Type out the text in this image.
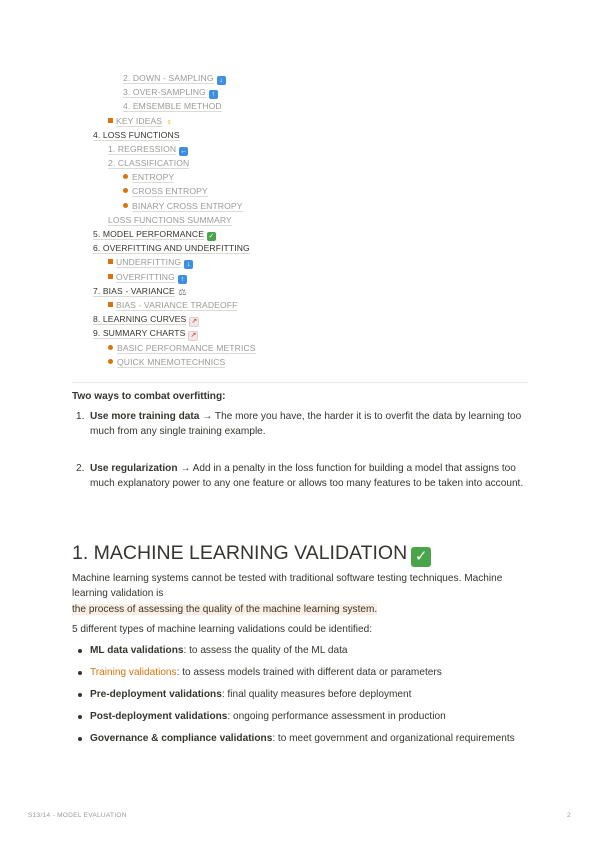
2. DOWN - SAMPLING ↓
3. OVER-SAMPLING ↑
4. EMSEMBLE METHOD
KEY IDEAS ♀
4. LOSS FUNCTIONS
1. REGRESSION ←
2. CLASSIFICATION
ENTROPY
CROSS ENTROPY
BINARY CROSS ENTROPY
LOSS FUNCTIONS SUMMARY
5. MODEL PERFORMANCE ✓
6. OVERFITTING AND UNDERFITTING
UNDERFITTING ↓
OVERFITTING ↑
7. BIAS - VARIANCE ⚖
BIAS - VARIANCE TRADEOFF
8. LEARNING CURVES ↗
9. SUMMARY CHARTS ↗
BASIC PERFORMANCE METRICS
QUICK MNEMOTECHNICS
Two ways to combat overfitting:
1. Use more training data → The more you have, the harder it is to overfit the data by learning too
much from any single training example.
2. Use regularization → Add in a penalty in the loss function for building a model that assigns too
much explanatory power to any one feature or allows too many features to be taken into account.
1. MACHINE LEARNING VALIDATION ✓
Machine learning systems cannot be tested with traditional software testing techniques. Machine learning validation is
the process of assessing the quality of the machine learning system.
5 different types of machine learning validations could be identified:
ML data validations: to assess the quality of the ML data
Training validations: to assess models trained with different data or parameters
Pre-deployment validations: final quality measures before deployment
Post-deployment validations: ongoing performance assessment in production
Governance & compliance validations: to meet government and organizational requirements
S13/14 - MODEL EVALUATION	2
